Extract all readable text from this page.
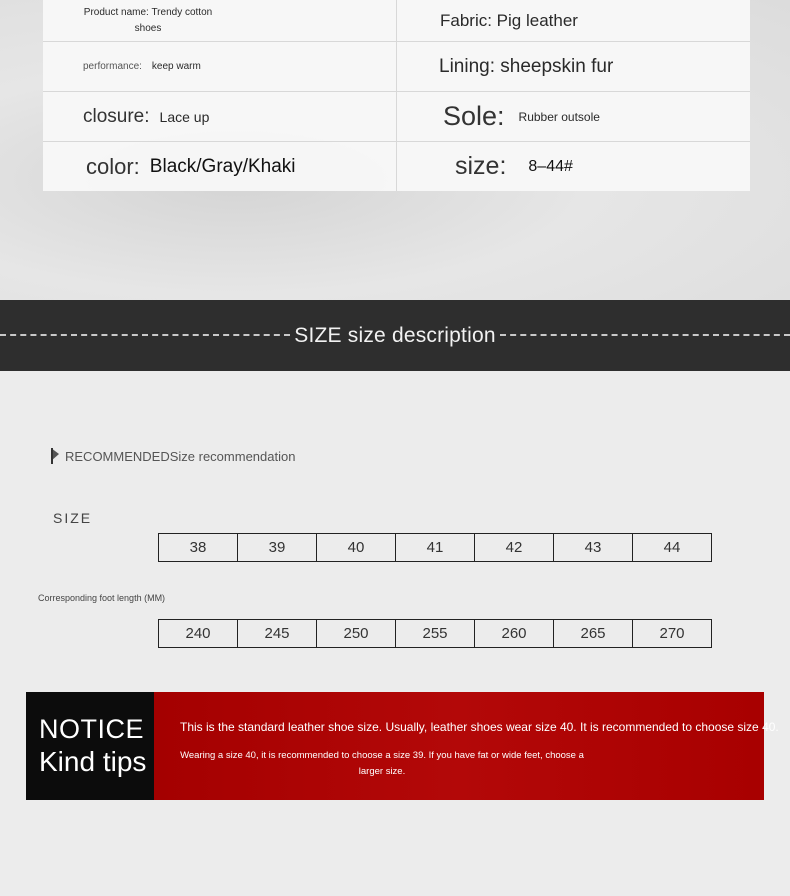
Product name: Trendy cotton
shoes	Fabric: Pig leather
performance: keep warm	Lining: sheepskin fur
closure: Lace up	Sole: Rubber outsole
color: Black/Gray/Khaki	size: 8–44#
SIZE size description
RECOMMENDEDSize recommendation
SIZE
38	39	40	41	42	43	44
Corresponding foot length (MM)
240	245	250	255	260	265	270
NOTICE
Kind tips
This is the standard leather shoe size. Usually, leather shoes wear size 40. It is recommended to choose size 40.
Wearing a size 40, it is recommended to choose a size 39. If you have fat or wide feet, choose a larger size.
